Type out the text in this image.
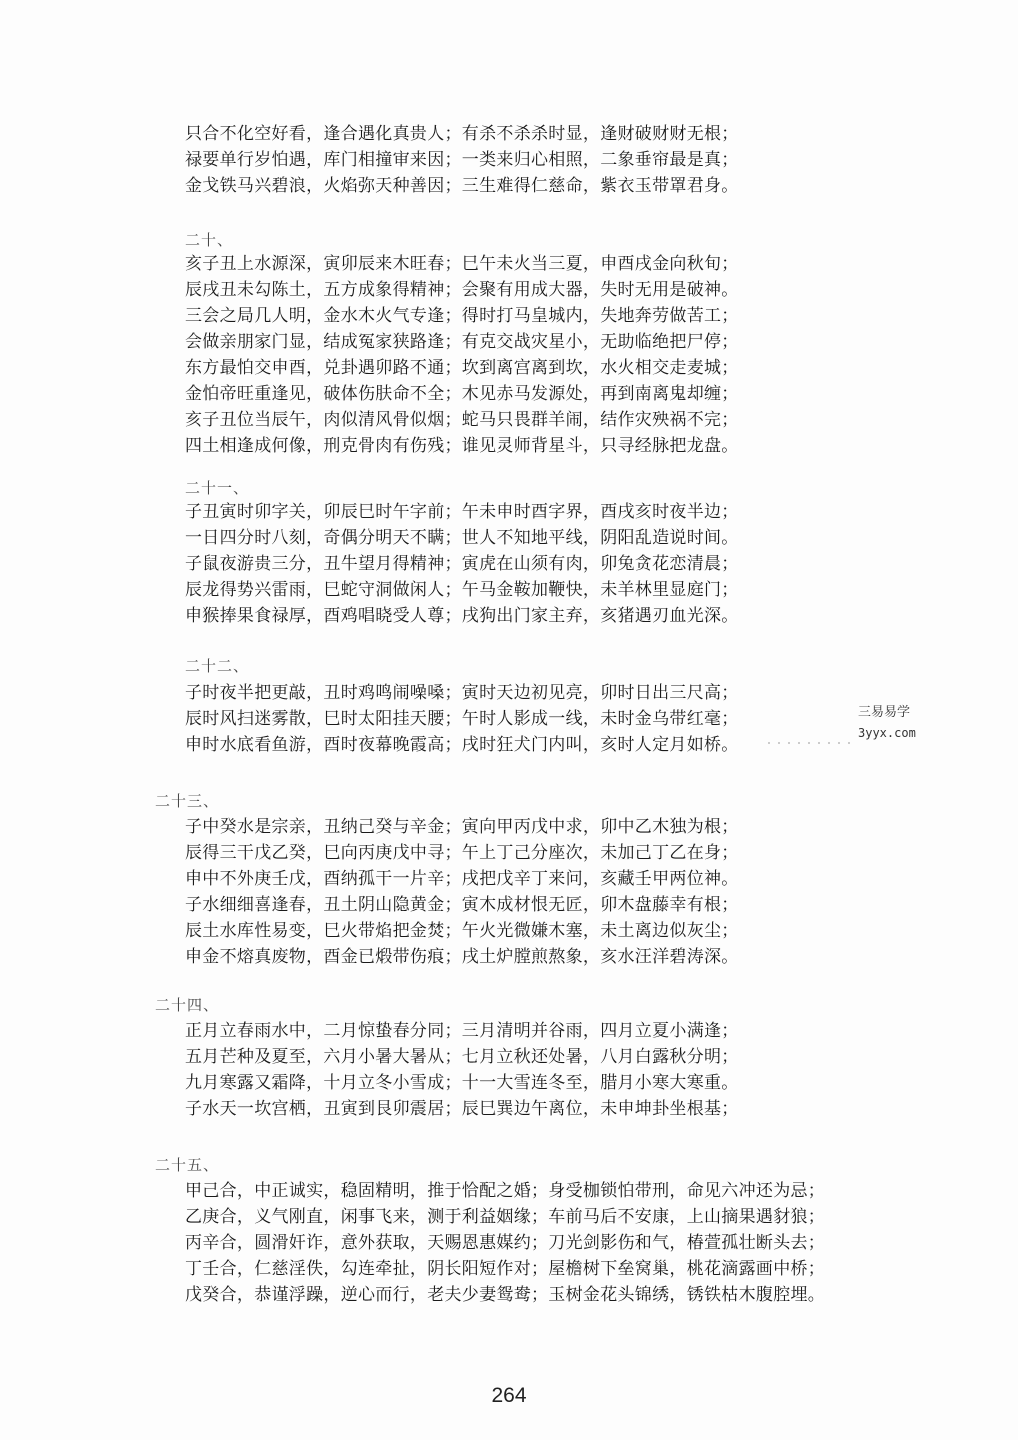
只合不化空好看，逢合遇化真贵人；有杀不杀杀时显，逢财破财财无根；
禄要单行岁怕遇，库门相撞审来因；一类来归心相照，二象垂帘最是真；
金戈铁马兴碧浪，火焰弥天种善因；三生难得仁慈命，紫衣玉带罩君身。
二十、
亥子丑上水源深，寅卯辰来木旺春；巳午未火当三夏，申酉戌金向秋旬；
辰戌丑未勾陈土，五方成象得精神；会聚有用成大器，失时无用是破神。
三会之局几人明，金水木火气专逢；得时打马皇城内，失地奔劳做苦工；
会做亲朋家门显，结成冤家狭路逢；有克交战灾星小，无助临绝把尸停；
东方最怕交申酉，兑卦遇卯路不通；坎到离宫离到坎，水火相交走麦城；
金怕帝旺重逢见，破体伤肤命不全；木见赤马发源处，再到南离鬼却缠；
亥子丑位当辰午，肉似清风骨似烟；蛇马只畏群羊闹，结作灾殃祸不完；
四土相逢成何像，刑克骨肉有伤残；谁见灵师背星斗，只寻经脉把龙盘。
二十一、
子丑寅时卯字关，卯辰巳时午字前；午未申时酉字界，酉戌亥时夜半边；
一日四分时八刻，奇偶分明天不瞒；世人不知地平线，阴阳乱造说时间。
子鼠夜游贵三分，丑牛望月得精神；寅虎在山须有肉，卯兔贪花恋清晨；
辰龙得势兴雷雨，巳蛇守洞做闲人；午马金鞍加鞭快，未羊林里显庭门；
申猴捧果食禄厚，酉鸡唱晓受人尊；戌狗出门家主弃，亥猪遇刃血光深。
二十二、
子时夜半把更敲，丑时鸡鸣闹噪嗓；寅时天边初见亮，卯时日出三尺高；
辰时风扫迷雾散，巳时太阳挂天腰；午时人影成一线，未时金乌带红毫；
申时水底看鱼游，酉时夜幕晚霞高；戌时狂犬门内叫，亥时人定月如桥。
二十三、
子中癸水是宗亲，丑纳己癸与辛金；寅向甲丙戊中求，卯中乙木独为根；
辰得三干戊乙癸，巳向丙庚戊中寻；午上丁己分座次，未加己丁乙在身；
申中不外庚壬戊，酉纳孤干一片辛；戌把戊辛丁来问，亥藏壬甲两位神。
子水细细喜逢春，丑土阴山隐黄金；寅木成材恨无匠，卯木盘藤幸有根；
辰土水库性易变，巳火带焰把金焚；午火光微嫌木塞，未土离边似灰尘；
申金不熔真废物，酉金已煅带伤痕；戌土炉膛煎熬象，亥水汪洋碧涛深。
二十四、
正月立春雨水中，二月惊蛰春分同；三月清明并谷雨，四月立夏小满逢；
五月芒种及夏至，六月小暑大暑从；七月立秋还处暑，八月白露秋分明；
九月寒露又霜降，十月立冬小雪成；十一大雪连冬至，腊月小寒大寒重。
子水天一坎宫栖，丑寅到艮卯震居；辰巳巽边午离位，未申坤卦坐根基；
二十五、
甲己合，中正诚实，稳固精明，推于恰配之婚；身受枷锁怕带刑，命见六冲还为忌；
乙庚合，义气刚直，闲事飞来，测于利益姻缘；车前马后不安康，上山摘果遇豺狼；
丙辛合，圆滑奸诈，意外获取，天赐恩惠媒约；刀光剑影伤和气，椿萱孤壮断头去；
丁壬合，仁慈淫佚，勾连牵扯，阴长阳短作对；屋檐树下垒窝巢，桃花滴露画中桥；
戊癸合，恭谨浮躁，逆心而行，老夫少妻鸳鸯；玉树金花头锦绣，锈铁枯木腹腔埋。
三易易学
3yyx.com
264
